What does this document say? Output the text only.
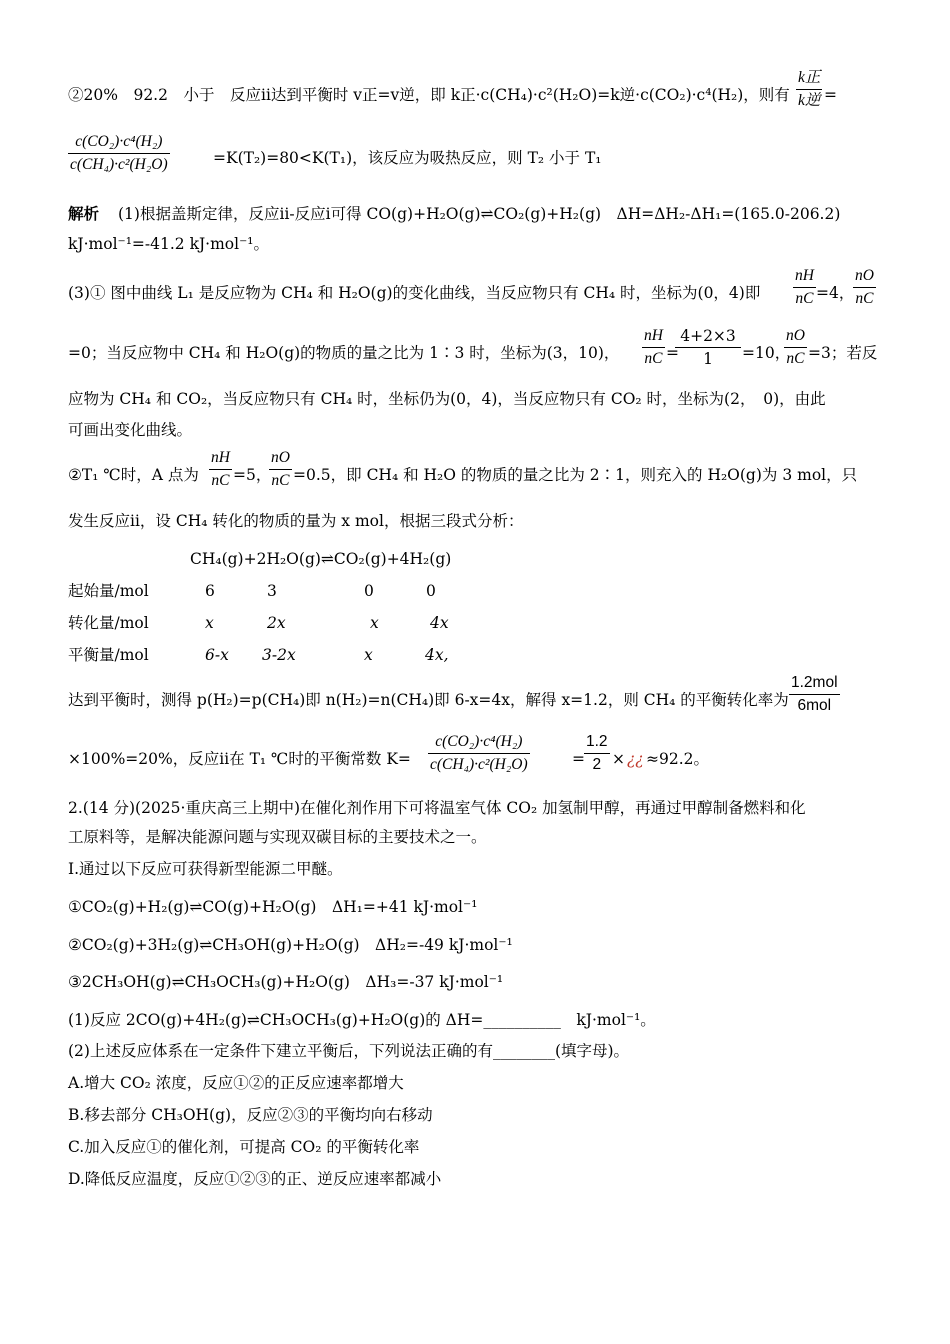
②20%　92.2　小于　反应ⅱ达到平衡时 v正=v逆，即 k正·c(CH₄)·c²(H₂O)=k逆·c(CO₂)·c⁴(H₂)，则有
k正
k逆 =
c(CO₂)·c⁴(H₂)
c(CH₄)·c²(H₂O)	=K(T₂)=80<K(T₁)，该反应为吸热反应，则 T₂ 小于 T₁
解析 (1)根据盖斯定律，反应ⅱ-反应ⅰ可得 CO(g)+H₂O(g)⇌CO₂(g)+H₂(g)　ΔH=ΔH₂-ΔH₁=(165.0-206.2)
kJ·mol⁻¹=-41.2 kJ·mol⁻¹。
(3)① 图中曲线 L₁ 是反应物为 CH₄ 和 H₂O(g)的变化曲线，当反应物只有 CH₄ 时，坐标为(0，4)即
nH
nC =4，
nO
nC
=0；当反应物中 CH₄ 和 H₂O(g)的物质的量之比为 1∶3 时，坐标为(3，10)，
nH
nC =
4+2×3
1	=10，
nO
nC =3；若反
应物为 CH₄ 和 CO₂，当反应物只有 CH₄ 时，坐标仍为(0，4)，当反应物只有 CO₂ 时，坐标为(2，　0)，由此
可画出变化曲线。
②T₁ ℃时，A 点为
nH
nC =5，
nO
nC =0.5，即 CH₄ 和 H₂O 的物质的量之比为 2∶1，则充入的 H₂O(g)为 3 mol，只
发生反应ⅱ，设 CH₄ 转化的物质的量为 x mol，根据三段式分析：
CH₄(g)+2H₂O(g)⇌CO₂(g)+4H₂(g)
起始量/mol	6	3	0	0
转化量/mol	x	2x	x	4x
平衡量/mol	6-x 3-2x	x	4x,
达到平衡时，测得 p(H₂)=p(CH₄)即 n(H₂)=n(CH₄)即 6-x=4x，解得 x=1.2，则 CH₄ 的平衡转化率为
1.2mol
6mol
×100%=20%，反应ⅱ在 T₁ ℃时的平衡常数 K=
c(CO₂)·c⁴(H₂)
c(CH₄)·c²(H₂O)	=
1.2
2 × ¿¿ ≈92.2。
2.(14 分)(2025·重庆高三上期中)在催化剂作用下可将温室气体 CO₂ 加氢制甲醇，再通过甲醇制备燃料和化
工原料等，是解决能源问题与实现双碳目标的主要技术之一。
Ⅰ.通过以下反应可获得新型能源二甲醚。
①CO₂(g)+H₂(g)⇌CO(g)+H₂O(g)　ΔH₁=+41 kJ·mol⁻¹
②CO₂(g)+3H₂(g)⇌CH₃OH(g)+H₂O(g)　ΔH₂=-49 kJ·mol⁻¹
③2CH₃OH(g)⇌CH₃OCH₃(g)+H₂O(g)　ΔH₃=-37 kJ·mol⁻¹
(1)反应 2CO(g)+4H₂(g)⇌CH₃OCH₃(g)+H₂O(g)的 ΔH=__________　kJ·mol⁻¹。
(2)上述反应体系在一定条件下建立平衡后，下列说法正确的有________(填字母)。
A.增大 CO₂ 浓度，反应①②的正反应速率都增大
B.移去部分 CH₃OH(g)，反应②③的平衡均向右移动
C.加入反应①的催化剂，可提高 CO₂ 的平衡转化率
D.降低反应温度，反应①②③的正、逆反应速率都减小
